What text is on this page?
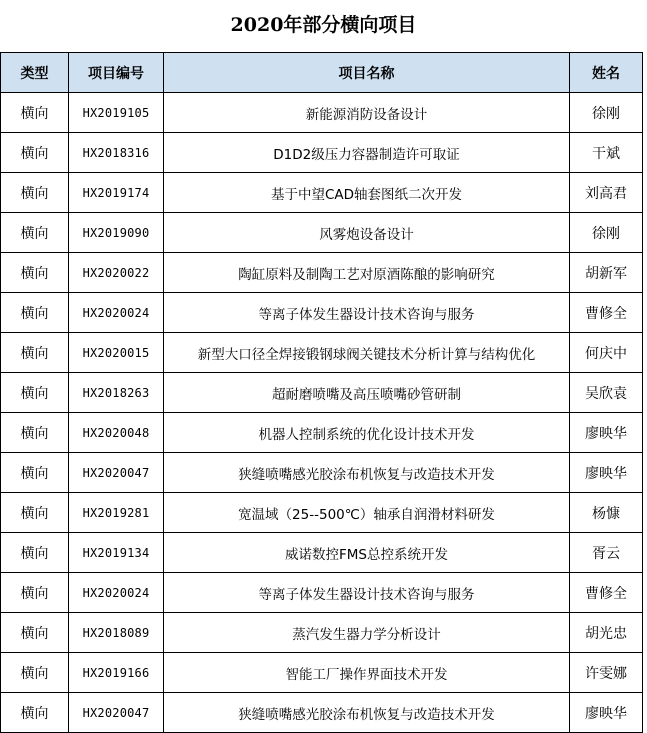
2020年部分横向项目
类型	项目编号	项目名称	姓名
横向	HX2019105	新能源消防设备设计	徐刚
横向	HX2018316	D1D2级压力容器制造许可取证	干斌
横向	HX2019174	基于中望CAD轴套图纸二次开发	刘高君
横向	HX2019090	风雾炮设备设计	徐刚
横向	HX2020022	陶缸原料及制陶工艺对原酒陈酿的影响研究	胡新军
横向	HX2020024	等离子体发生器设计技术咨询与服务	曹修全
横向	HX2020015	新型大口径全焊接锻钢球阀关键技术分析计算与结构优化	何庆中
横向	HX2018263	超耐磨喷嘴及高压喷嘴砂管研制	吴欣袁
横向	HX2020048	机器人控制系统的优化设计技术开发	廖映华
横向	HX2020047	狭缝喷嘴感光胶涂布机恢复与改造技术开发	廖映华
横向	HX2019281	宽温域（25--500℃）轴承自润滑材料研发	杨慷
横向	HX2019134	威诺数控FMS总控系统开发	胥云
横向	HX2020024	等离子体发生器设计技术咨询与服务	曹修全
横向	HX2018089	蒸汽发生器力学分析设计	胡光忠
横向	HX2019166	智能工厂操作界面技术开发	许雯娜
横向	HX2020047	狭缝喷嘴感光胶涂布机恢复与改造技术开发	廖映华
